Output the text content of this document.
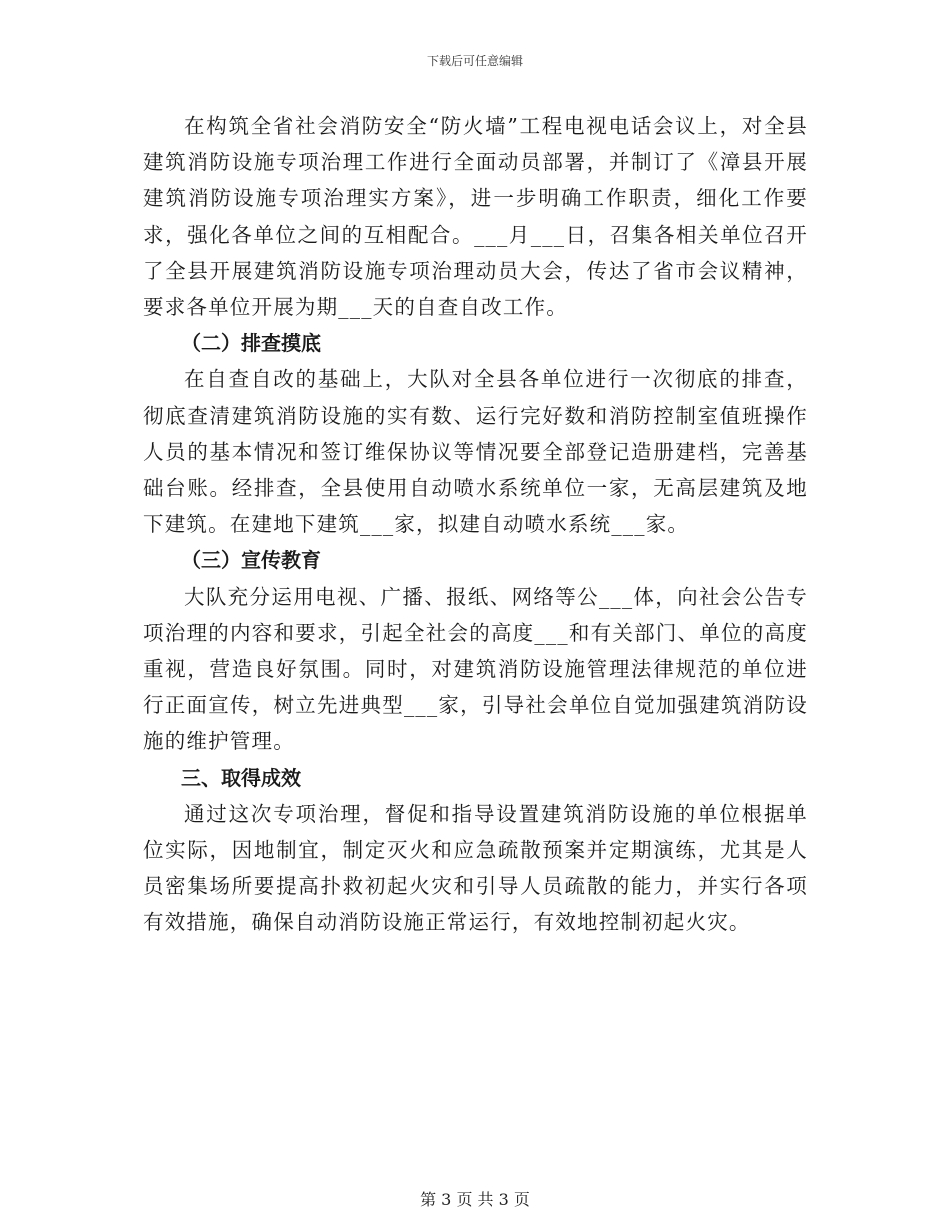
下载后可任意编辑

在构筑全省社会消防安全“防火墙”工程电视电话会议上，对全县建筑消防设施专项治理工作进行全面动员部署，并制订了《漳县开展建筑消防设施专项治理实方案》，进一步明确工作职责，细化工作要求，强化各单位之间的互相配合。___月___日，召集各相关单位召开了全县开展建筑消防设施专项治理动员大会，传达了省市会议精神，要求各单位开展为期___天的自查自改工作。

（二）排查摸底

在自查自改的基础上，大队对全县各单位进行一次彻底的排查，彻底查清建筑消防设施的实有数、运行完好数和消防控制室值班操作人员的基本情况和签订维保协议等情况要全部登记造册建档，完善基础台账。经排查，全县使用自动喷水系统单位一家，无高层建筑及地下建筑。在建地下建筑___家，拟建自动喷水系统___家。

（三）宣传教育

大队充分运用电视、广播、报纸、网络等公___体，向社会公告专项治理的内容和要求，引起全社会的高度___和有关部门、单位的高度重视，营造良好氛围。同时，对建筑消防设施管理法律规范的单位进行正面宣传，树立先进典型___家，引导社会单位自觉加强建筑消防设施的维护管理。

三、取得成效

通过这次专项治理，督促和指导设置建筑消防设施的单位根据单位实际，因地制宜，制定灭火和应急疏散预案并定期演练，尤其是人员密集场所要提高扑救初起火灾和引导人员疏散的能力，并实行各项有效措施，确保自动消防设施正常运行，有效地控制初起火灾。

第 3 页 共 3 页
